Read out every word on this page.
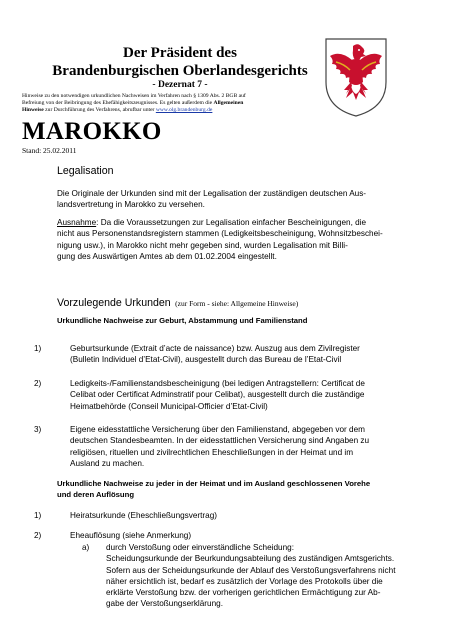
Der Präsident des
Brandenburgischen Oberlandesgerichts
- Dezernat 7 -
Hinweise zu den notwendigen urkundlichen Nachweisen im Verfahren nach § 1309 Abs. 2 BGB auf
Befreiung von der Beibringung des Ehefähigkeitszeugnisses. Es gelten außerdem die Allgemeinen
Hinweise zur Durchführung des Verfahrens, abrufbar unter www.olg.brandenburg.de
MAROKKO
Stand: 25.02.2011
Legalisation
Die Originale der Urkunden sind mit der Legalisation der zuständigen deutschen Aus-
landsvertretung in Marokko zu versehen.
Ausnahme: Da die Voraussetzungen zur Legalisation einfacher Bescheinigungen, die
nicht aus Personenstandsregistern stammen (Ledigkeitsbescheinigung, Wohnsitzbeschei-
nigung usw.), in Marokko nicht mehr gegeben sind, wurden Legalisation mit Billi-
gung des Auswärtigen Amtes ab dem 01.02.2004 eingestellt.
Vorzulegende Urkunden (zur Form - siehe: Allgemeine Hinweise)
Urkundliche Nachweise zur Geburt, Abstammung und Familienstand
1)	Geburtsurkunde (Extrait d’acte de naissance) bzw. Auszug aus dem Zivilregister
(Bulletin Individuel d’Etat-Civil), ausgestellt durch das Bureau de l’Etat-Civil
2)	Ledigkeits-/Familienstandsbescheinigung (bei ledigen Antragstellern: Certificat de
Celibat oder Certificat Adminstratif pour Celibat), ausgestellt durch die zuständige
Heimatbehörde (Conseil Municipal-Officier d’Etat-Civil)
3)	Eigene eidesstattliche Versicherung über den Familienstand, abgegeben vor dem
deutschen Standesbeamten. In der eidesstattlichen Versicherung sind Angaben zu
religiösen, rituellen und zivilrechtlichen Eheschließungen in der Heimat und im
Ausland zu machen.
Urkundliche Nachweise zu jeder in der Heimat und im Ausland geschlossenen Vorehe
und deren Auflösung
1)	Heiratsurkunde (Eheschließungsvertrag)
2)	Eheauflösung (siehe Anmerkung)
a) durch Verstoßung oder einverständliche Scheidung:
Scheidungsurkunde der Beurkundungsabteilung des zuständigen Amtsgerichts.
Sofern aus der Scheidungsurkunde der Ablauf des Verstoßungsverfahrens nicht
näher ersichtlich ist, bedarf es zusätzlich der Vorlage des Protokolls über die
erklärte Verstoßung bzw. der vorherigen gerichtlichen Ermächtigung zur Ab-
gabe der Verstoßungserklärung.
